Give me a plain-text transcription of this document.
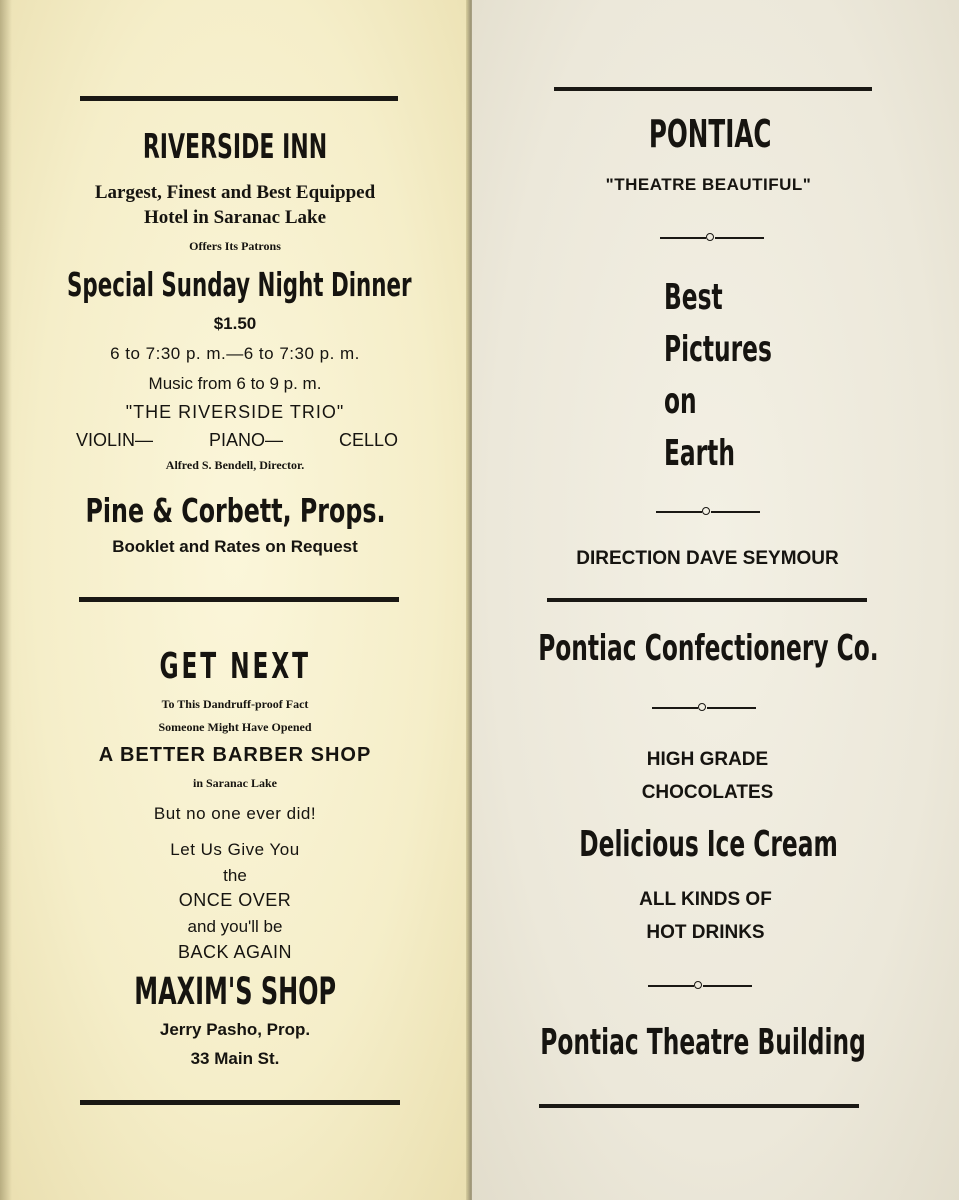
RIVERSIDE INN
Largest, Finest and Best Equipped
Hotel in Saranac Lake
Offers Its Patrons
Special Sunday Night Dinner
$1.50
6 to 7:30 p. m.—6 to 7:30 p. m.
Music from 6 to 9 p. m.
"THE RIVERSIDE TRIO"
VIOLIN—	PIANO—	CELLO
Alfred S. Bendell, Director.
Pine & Corbett, Props.
Booklet and Rates on Request
GET NEXT
To This Dandruff-proof Fact
Someone Might Have Opened
A BETTER BARBER SHOP
in Saranac Lake
But no one ever did!
Let Us Give You
the
ONCE OVER
and you'll be
BACK AGAIN
MAXIM'S SHOP
Jerry Pasho, Prop.
33 Main St.
PONTIAC
"THEATRE BEAUTIFUL"
Best
Pictures
on
Earth
DIRECTION DAVE SEYMOUR
Pontiac Confectionery Co.
HIGH GRADE
CHOCOLATES
Delicious Ice Cream
ALL KINDS OF
HOT DRINKS
Pontiac Theatre Building
